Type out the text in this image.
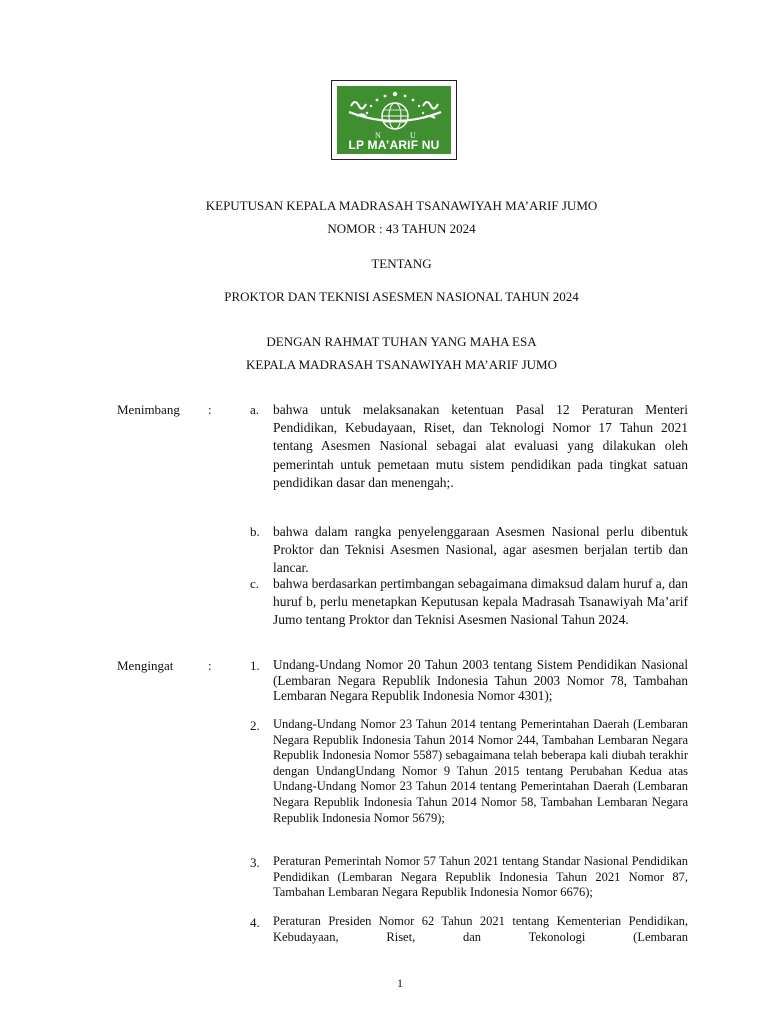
N	U
LP MA’ARIF NU
KEPUTUSAN KEPALA MADRASAH TSANAWIYAH MA’ARIF JUMO
NOMOR : 43 TAHUN 2024
TENTANG
PROKTOR DAN TEKNISI ASESMEN NASIONAL TAHUN 2024
DENGAN RAHMAT TUHAN YANG MAHA ESA
KEPALA MADRASAH TSANAWIYAH MA’ARIF JUMO
Menimbang :	a. bahwa untuk melaksanakan ketentuan Pasal 12 Peraturan Menteri Pendidikan, Kebudayaan, Riset, dan Teknologi Nomor 17 Tahun 2021 tentang Asesmen Nasional sebagai alat evaluasi yang dilakukan oleh pemerintah untuk pemetaan mutu sistem pendidikan pada tingkat satuan pendidikan dasar dan menengah;.
b. bahwa dalam rangka penyelenggaraan Asesmen Nasional perlu dibentuk Proktor dan Teknisi Asesmen Nasional, agar asesmen berjalan tertib dan lancar.
c. bahwa berdasarkan pertimbangan sebagaimana dimaksud dalam huruf a, dan huruf b, perlu menetapkan Keputusan kepala Madrasah Tsanawiyah Ma’arif Jumo tentang Proktor dan Teknisi Asesmen Nasional Tahun 2024.
Mengingat	:	1. Undang-Undang Nomor 20 Tahun 2003 tentang Sistem Pendidikan Nasional (Lembaran Negara Republik Indonesia Tahun 2003 Nomor 78, Tambahan Lembaran Negara Republik Indonesia Nomor 4301);
2. Undang-Undang Nomor 23 Tahun 2014 tentang Pemerintahan Daerah (Lembaran Negara Republik Indonesia Tahun 2014 Nomor 244, Tambahan Lembaran Negara Republik Indonesia Nomor 5587) sebagaimana telah beberapa kali diubah terakhir dengan UndangUndang Nomor 9 Tahun 2015 tentang Perubahan Kedua atas Undang-Undang Nomor 23 Tahun 2014 tentang Pemerintahan Daerah (Lembaran Negara Republik Indonesia Tahun 2014 Nomor 58, Tambahan Lembaran Negara Republik Indonesia Nomor 5679);
3. Peraturan Pemerintah Nomor 57 Tahun 2021 tentang Standar Nasional Pendidikan Pendidikan (Lembaran Negara Republik Indonesia Tahun 2021 Nomor 87, Tambahan Lembaran Negara Republik Indonesia Nomor 6676);
4. Peraturan Presiden Nomor 62 Tahun 2021 tentang Kementerian Pendidikan, Kebudayaan, Riset, dan Tekonologi (Lembaran
1
